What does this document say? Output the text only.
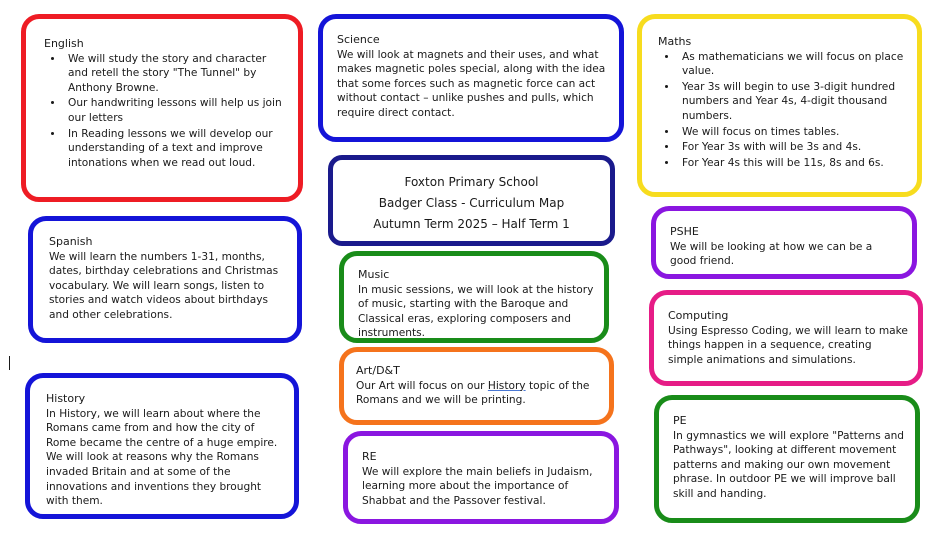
English
• We will study the story and character and retell the story "The Tunnel" by Anthony Browne.
• Our handwriting lessons will help us join our letters
• In Reading lessons we will develop our understanding of a text and improve intonations when we read out loud.
Science

We will look at magnets and their uses, and what makes magnetic poles special, along with the idea that some forces such as magnetic force can act without contact – unlike pushes and pulls, which require direct contact.

Maths
• As mathematicians we will focus on place value.
• Year 3s will begin to use 3-digit hundred numbers and Year 4s, 4-digit thousand numbers.
• We will focus on times tables.
• For Year 3s with will be 3s and 4s.
• For Year 4s this will be 11s, 8s and 6s.
Foxton Primary School
Badger Class - Curriculum Map
Autumn Term 2025 – Half Term 1
PSHE

We will be looking at how we can be a good friend.

Spanish

We will learn the numbers 1-31, months, dates, birthday celebrations and Christmas vocabulary. We will learn songs, listen to stories and watch videos about birthdays and other celebrations.

Music

In music sessions, we will look at the history of music, starting with the Baroque and Classical eras, exploring composers and instruments.

Computing

Using Espresso Coding, we will learn to make things happen in a sequence, creating simple animations and simulations.

Art/D&T

Our Art will focus on our History topic of the Romans and we will be printing.

History

In History, we will learn about where the Romans came from and how the city of Rome became the centre of a huge empire. We will look at reasons why the Romans invaded Britain and at some of the innovations and inventions they brought with them.

PE

In gymnastics we will explore "Patterns and Pathways", looking at different movement patterns and making our own movement phrase. In outdoor PE we will improve ball skill and handing.

RE

We will explore the main beliefs in Judaism, learning more about the importance of Shabbat and the Passover festival.
